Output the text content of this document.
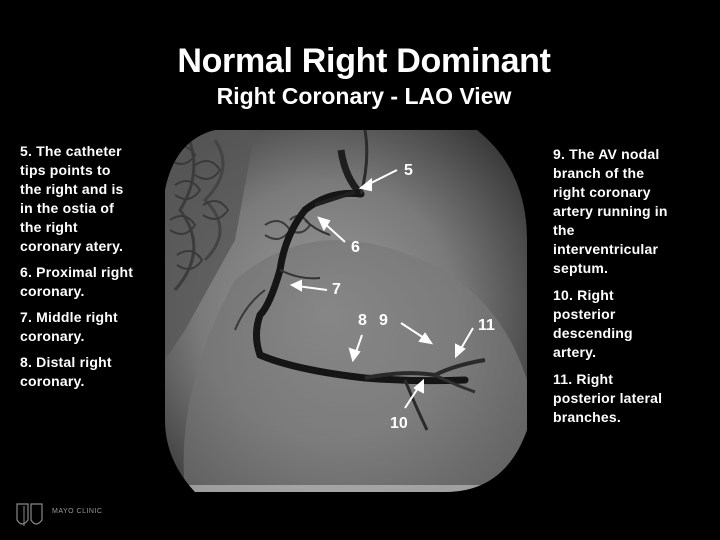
Normal Right Dominant
Right Coronary - LAO View
5. The catheter
tips points to
the right and is
in the ostia of
the right
coronary atery.
6. Proximal right
coronary.
7. Middle right
coronary.
8. Distal right
coronary.
9. The AV nodal
branch of the
right coronary
artery running in
the
interventricular
septum.
10. Right
posterior
descending
artery.
11. Right
posterior lateral
branches.
5
6
7
8 9
10
11
MAYO CLINIC
